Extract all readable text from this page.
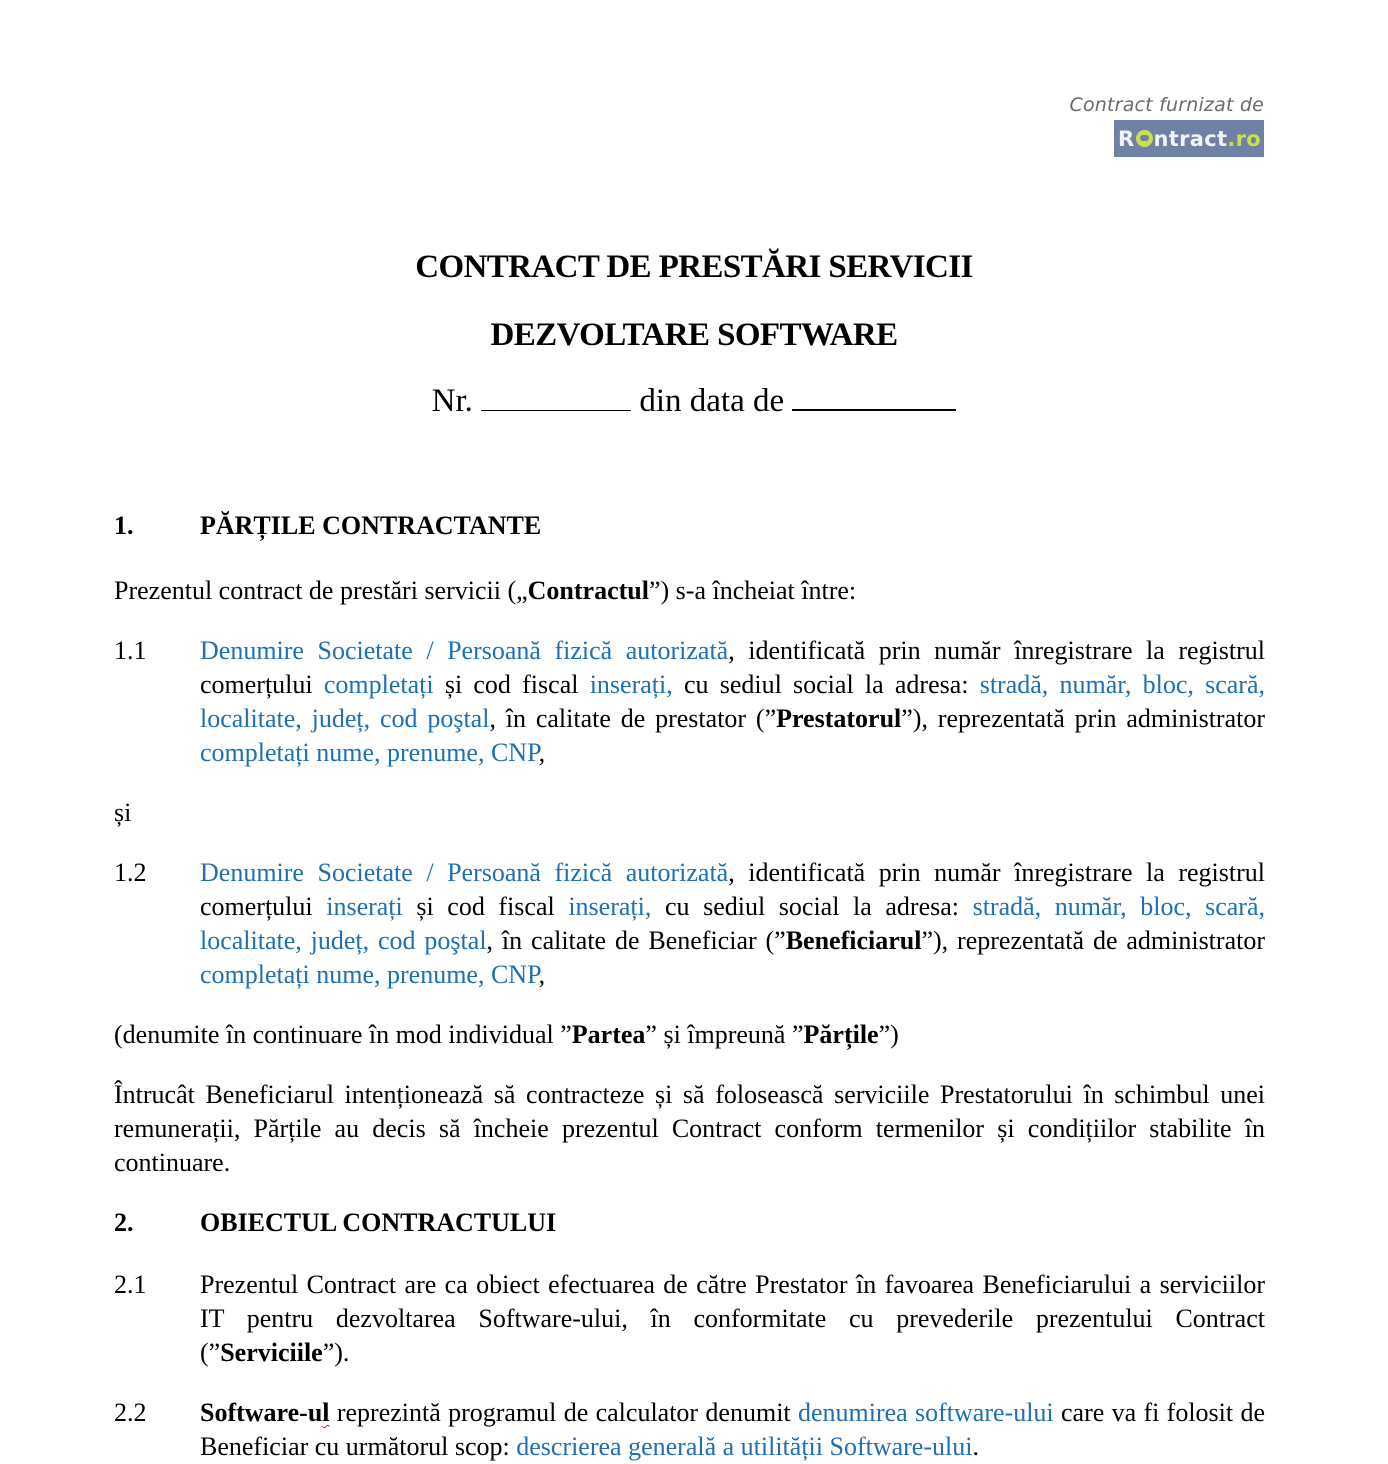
Contract furnizat de
R ntract .ro
CONTRACT DE PRESTĂRI SERVICII
DEZVOLTARE SOFTWARE
Nr.	din data de
1.	PĂRȚILE CONTRACTANTE
Prezentul contract de prestări servicii („Contractul”) s-a încheiat între:
1.1	Denumire Societate / Persoană fizică autorizată, identificată prin număr înregistrare la registrul comerțului completați și cod fiscal inserați, cu sediul social la adresa: stradă, număr, bloc, scară, localitate, județ, cod poştal, în calitate de prestator (”Prestatorul”), reprezentată prin administrator completați nume, prenume, CNP,
și
1.2	Denumire Societate / Persoană fizică autorizată, identificată prin număr înregistrare la registrul comerțului inserați și cod fiscal inserați, cu sediul social la adresa: stradă, număr, bloc, scară, localitate, județ, cod poştal, în calitate de Beneficiar (”Beneficiarul”), reprezentată de administrator completați nume, prenume, CNP,
(denumite în continuare în mod individual ”Partea” și împreună ”Părțile”)
Întrucât Beneficiarul intenționează să contracteze și să folosească serviciile Prestatorului în schimbul unei remunerații, Părțile au decis să încheie prezentul Contract conform termenilor și condițiilor stabilite în continuare.
2.	OBIECTUL CONTRACTULUI
2.1	Prezentul Contract are ca obiect efectuarea de către Prestator în favoarea Beneficiarului a serviciilor IT pentru dezvoltarea Software-ului, în conformitate cu prevederile prezentului Contract (”Serviciile”).
2.2	Software-ul reprezintă programul de calculator denumit denumirea software-ului care va fi folosit de Beneficiar cu următorul scop: descrierea generală a utilității Software-ului.
